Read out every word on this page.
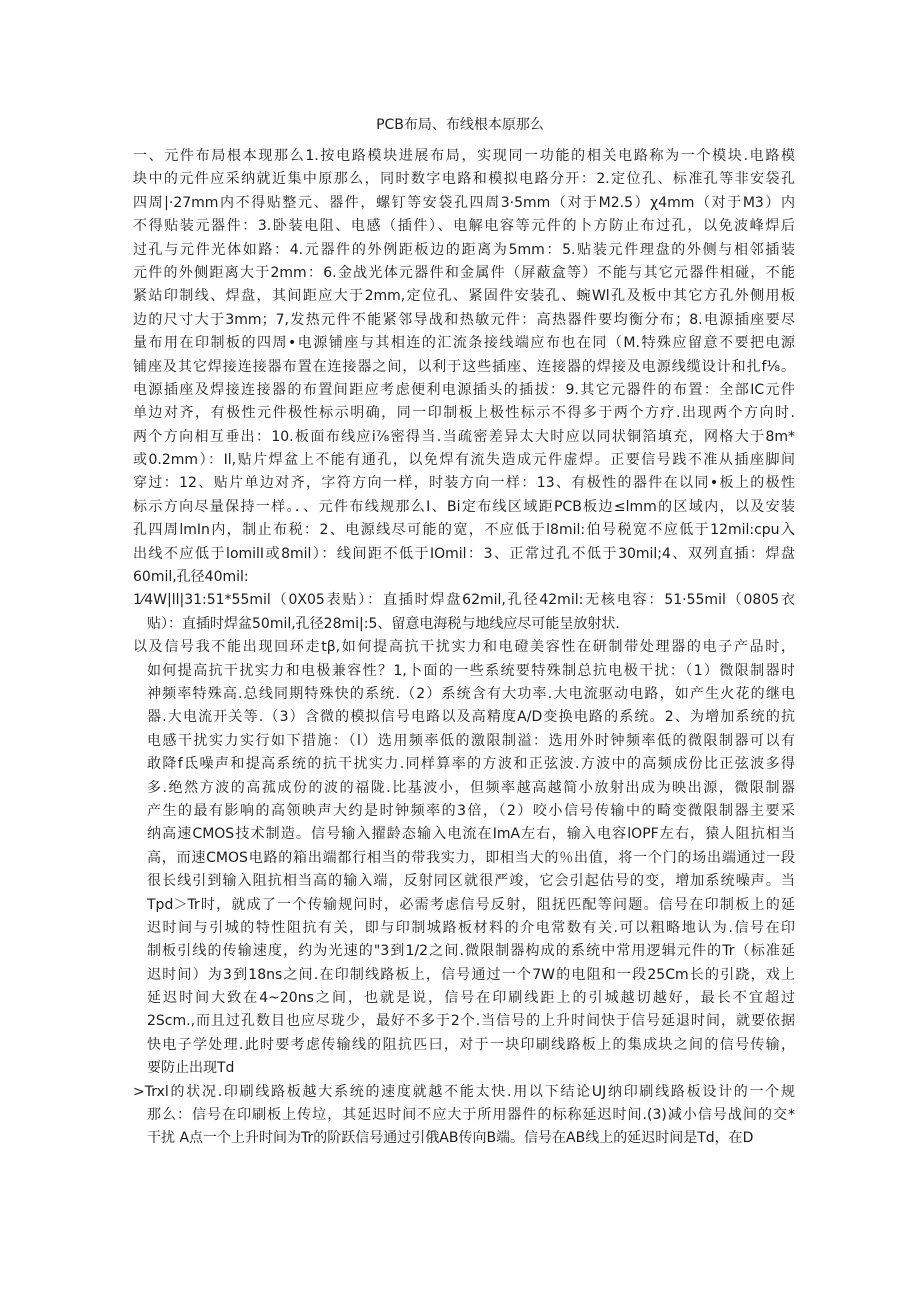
PCB布局、布线根本原那么
一、元件布局根本现那么1.按电路模块进展布局，实现同一功能的相关电路称为一个模块.电路模
块中的元件应采纳就近集中原那么，同时数字电路和模拟电路分开：2.定位孔、标准孔等非安袋孔
四周|·27mm内不得贴整元、器件，螺钉等安袋孔四周3·5mm（对于M2.5）χ4mm（对于M3）内
不得贴装元器件：3.卧装电阻、电感（插件）、电解电容等元件的卜方防止布过孔，以免波峰焊后
过孔与元件光体如路：4.元器件的外例距板边的距离为5mm：5.贴装元件理盘的外侧与相邻插装
元件的外侧距离大于2mm：6.金战光体元器件和金属件（屏蔽盒等）不能与其它元器件相碰，不能
紧站印制线、焊盘，其间距应大于2mm,定位孔、紧固件安装孔、蜿Wl孔及板中其它方孔外侧用板
边的尺寸大于3mm；7,发热元件不能紧邻导战和热敏元件：高热器件要均衡分布；8.电源插座要尽
量布用在印制板的四周•电源铺座与其相连的汇流条接线端应布也在同（M.特殊应留意不要把电源
铺座及其它焊接连接器布置在连接器之间，以利于这些插座、连接器的焊接及电源线缆设计和扎f⅛。
电源插座及焊接连接器的布置间距应考虑便利电源插头的插拔：9.其它元器件的布置：全部IC元件
单边对齐，有极性元件极性标示明确，同一印制板上极性标示不得多于两个方疗.出现两个方向时.
两个方向相互垂出：10.板面布线应i⅞密得当.当疏密差异太大时应以同状铜箔填充，网格大于8m*
或0.2mm）：Il,贴片焊盆上不能有通孔，以免焊有流失造成元件虚焊。正要信号践不准从插座脚间
穿过：12、贴片单边对齐，字符方向一样，时装方向一样：13、有极性的器件在以同•板上的极性
标示方向尽量保持一样。．、元件布线规那么I、Bi定布线区域距PCB板边≤lmm的区域内，以及安装
孔四周lmIn内，制止布税：2、电源线尽可能的宽，不应低于l8mil:伯号税宽不应低于12mil:cpu入
出线不应低于lomilI或8mil）：线间距不低于IOmil：3、正常过孔不低于30mil;4、双列直插：焊盘
60mil,孔径40mil:
1⁄4W|ll|31:51*55mil（0X05表贴）：直插时焊盘62mil,孔径42mil:无核电容：51·55mil（0805衣
贴）：直插时焊盆50mil,孔径28mi|:5、留意电海税与地线应尽可能呈放射状.
以及信号我不能出现回环走tβ,如何提高抗干扰实力和电磴美容性在研制带处理器的电子产品时，
如何提高抗干扰实力和电极兼容性？1,卜面的一些系统要特殊制总抗电极干扰：（1）微限制器时
神频率特殊高.总线同期特殊快的系统.（2）系统含有大功率.大电流驱动电路，如产生火花的继电
器.大电流开关等.（3）含微的模拟信号电路以及高精度A/D变换电路的系统。2、为增加系统的抗
电感干扰实力实行如下措施：（l）选用频率低的激限制溢：选用外时钟频率低的微限制器可以有
敢降f氐噪声和提高系统的抗干扰实力.同样算率的方波和正弦波.方波中的高频成份比正弦波多得
多.绝然方波的高菰成份的波的福陇.比基波小，但频率越高越简小放射出成为映出源，微限制器
产生的最有影响的高领映声大约是时钟频率的3倍，（2）咬小信号传输中的畸变微限制器主要采
纳高速CMOS技术制造。信号输入擢龄态输入电流在ImA左右，输入电容lOPF左右，猿人阻抗相当
高，而速CMOS电路的箱出端都行相当的带我实力，即相当大的％出值，将一个门的场出端通过一段
很长线引到输入阻抗相当高的输入端，反射同区就很严竣，它会引起估号的变，增加系统噪声。当
Tpd＞Tr时，就成了一个传输规问时，必需考虑信号反射，阻抚匹配等问题。信号在印制板上的延
迟时间与引城的特性阻抗有关，即与印制城路板材料的介电常数有关.可以粗略地认为.信号在印
制板引线的传输速度，约为光速的"3到1/2之间.微限制器构成的系统中常用逻辑元件的Tr（标准延
迟时间）为3到18ns之间.在印制线路板上，信号通过一个7W的电阻和一段25Cm长的引跷，戏上
延迟时间大致在4~20ns之间，也就是说，信号在印刷线距上的引城越切越好，最长不宜超过
2Scm.,而且过孔数目也应尽珑少，最好不多于2个.当信号的上升时间快于信号延退时间，就要依据
快电子学处理.此时要考虑传输线的阻抗匹曰，对于一块印刷线路板上的集成块之间的信号传输，
要防止出现Td
>Trxl的状况.印刷线路板越大系统的速度就越不能太快.用以下结论UJ纳印刷线路板设计的一个规
那么：信号在印刷板上传垃，其延迟时间不应大于所用器件的标称延迟时间.(3)减小信号战间的交*
干扰 A点一个上升时间为Tr的阶跃信号通过引俄AB传向B端。信号在AB线上的延迟时间是Td，在D
